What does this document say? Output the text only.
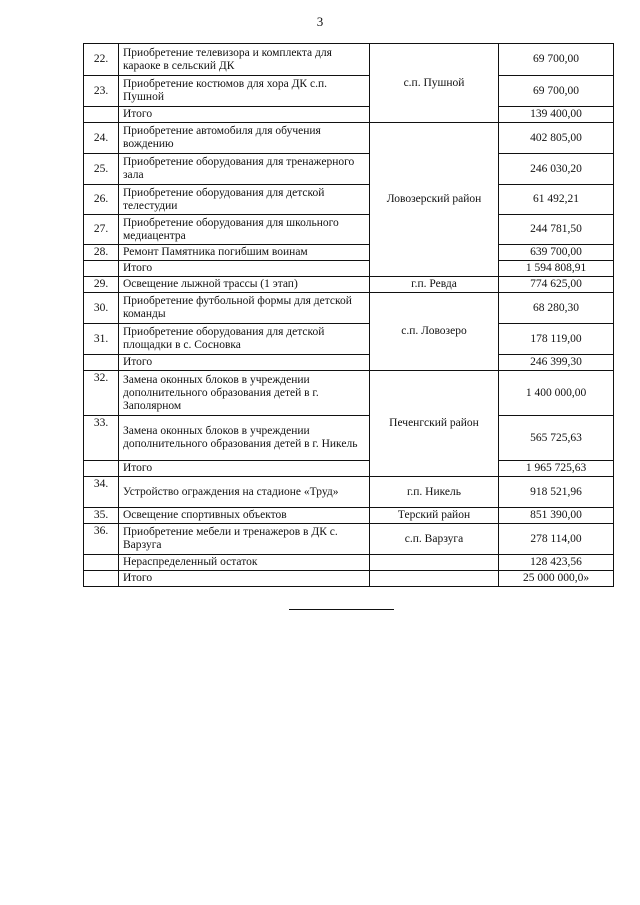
3
22.	Приобретение телевизора и комплекта для караоке в сельский ДК	с.п. Пушной	69 700,00
23.	Приобретение костюмов для хора ДК с.п. Пушной		69 700,00
	Итого		139 400,00
24.	Приобретение автомобиля для обучения вождению	Ловозерский район	402 805,00
25.	Приобретение оборудования для тренажерного зала		246 030,20
26.	Приобретение оборудования для детской телестудии		61 492,21
27.	Приобретение оборудования для школьного медиацентра		244 781,50
28.	Ремонт Памятника погибшим воинам		639 700,00
	Итого		1 594 808,91
29.	Освещение лыжной трассы (1 этап)	г.п. Ревда	774 625,00
30.	Приобретение футбольной формы для детской команды	с.п. Ловозеро	68 280,30
31.	Приобретение оборудования для детской площадки в с. Сосновка		178 119,00
	Итого		246 399,30
32.	Замена оконных блоков в учреждении дополнительного образования детей в г. Заполярном	Печенгский район	1 400 000,00
33.	Замена оконных блоков в учреждении дополнительного образования детей в г. Никель		565 725,63
	Итого		1 965 725,63
34.	Устройство ограждения на стадионе «Труд»	г.п. Никель	918 521,96
35.	Освещение спортивных объектов	Терский район	851 390,00
36.	Приобретение мебели и тренажеров в ДК с. Варзуга	с.п. Варзуга	278 114,00
	Нераспределенный остаток		128 423,56
	Итого		25 000 000,0»
